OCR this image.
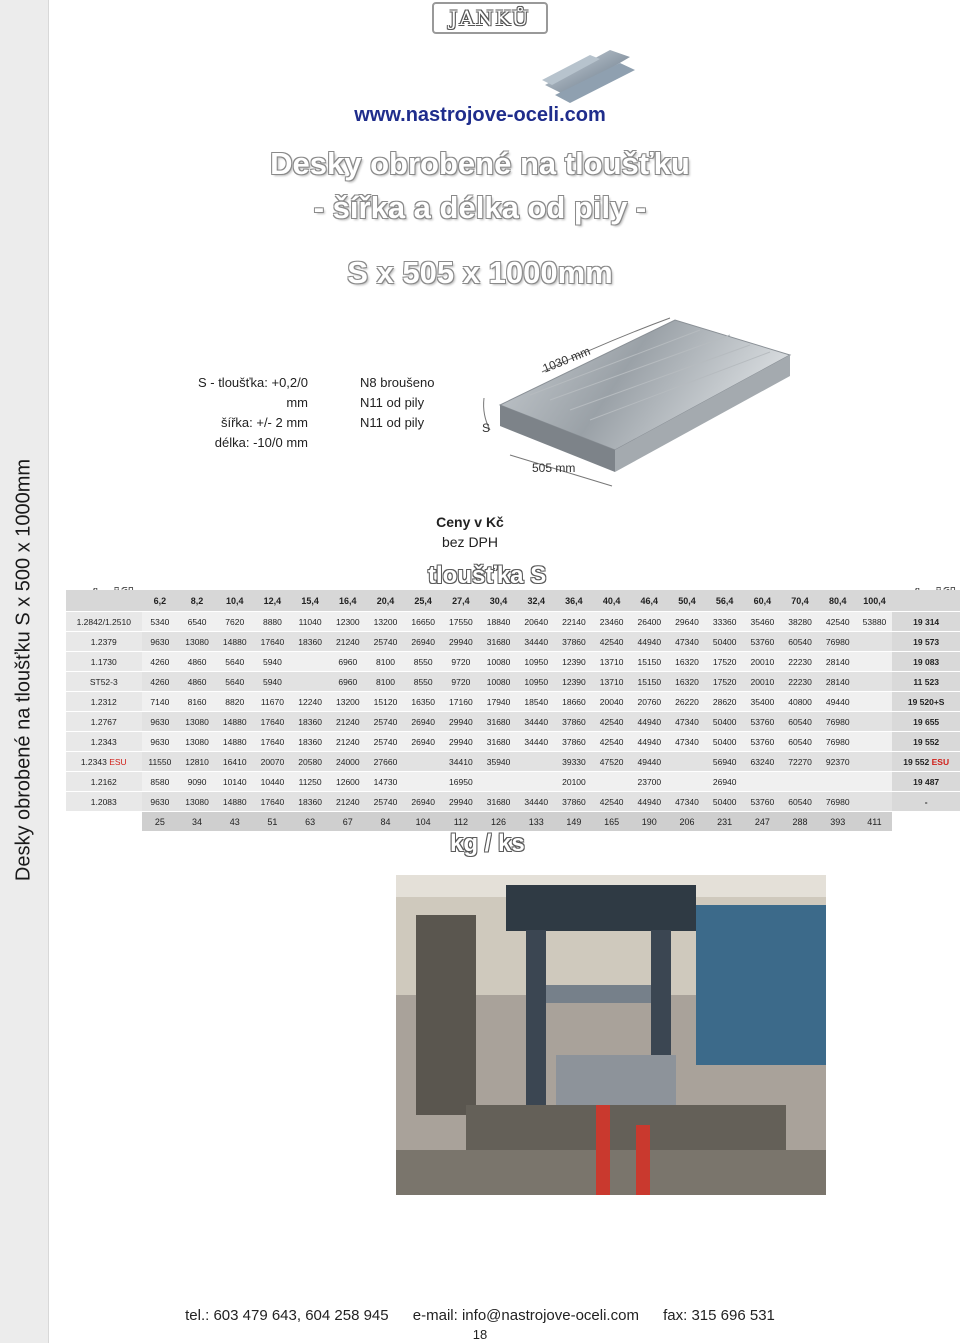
Desky obrobené na tloušťku S x 500 x 1000mm
JANKŮ
www.nastrojove-oceli.com
Desky obrobené na tloušťku
- šířka a délka od pily -
S x 505 x 1000mm
S - tloušťka: +0,2/0 mm
šířka: +/- 2 mm
délka: -10/0 mm
N8 broušeno
N11 od pily
N11 od pily
1030 mm
505 mm
S
Ceny v Kč
bez DPH
tloušťka S
	6,2	8,2	10,4	12,4	15,4	16,4	20,4	25,4	27,4	30,4	32,4	36,4	40,4	46,4	50,4	56,4	60,4	70,4	80,4	100,4	
1.2842/1.2510	5340	6540	7620	8880	11040	12300	13200	16650	17550	18840	20640	22140	23460	26400	29640	33360	35460	38280	42540	53880	19 314
1.2379	9630	13080	14880	17640	18360	21240	25740	26940	29940	31680	34440	37860	42540	44940	47340	50400	53760	60540	76980		19 573
1.1730	4260	4860	5640	5940		6960	8100	8550	9720	10080	10950	12390	13710	15150	16320	17520	20010	22230	28140		19 083
ST52-3	4260	4860	5640	5940		6960	8100	8550	9720	10080	10950	12390	13710	15150	16320	17520	20010	22230	28140		11 523
1.2312	7140	8160	8820	11670	12240	13200	15120	16350	17160	17940	18540	18660	20040	20760	26220	28620	35400	40800	49440		19 520+S
1.2767	9630	13080	14880	17640	18360	21240	25740	26940	29940	31680	34440	37860	42540	44940	47340	50400	53760	60540	76980		19 655
1.2343	9630	13080	14880	17640	18360	21240	25740	26940	29940	31680	34440	37860	42540	44940	47340	50400	53760	60540	76980		19 552
1.2343 ESU	11550	12810	16410	20070	20580	24000	27660		34410	35940		39330	47520	49440		56940	63240	72270	92370		19 552 ESU
1.2162	8580	9090	10140	10440	11250	12600	14730		16950			20100		23700		26940					19 487
1.2083	9630	13080	14880	17640	18360	21240	25740	26940	29940	31680	34440	37860	42540	44940	47340	50400	53760	60540	76980		-
	25	34	43	51	63	67	84	104	112	126	133	149	165	190	206	231	247	288	393	411	
kg / ks
tel.: 603 479 643, 604 258 945 e-mail: info@nastrojove-oceli.com fax: 315 696 531
18
